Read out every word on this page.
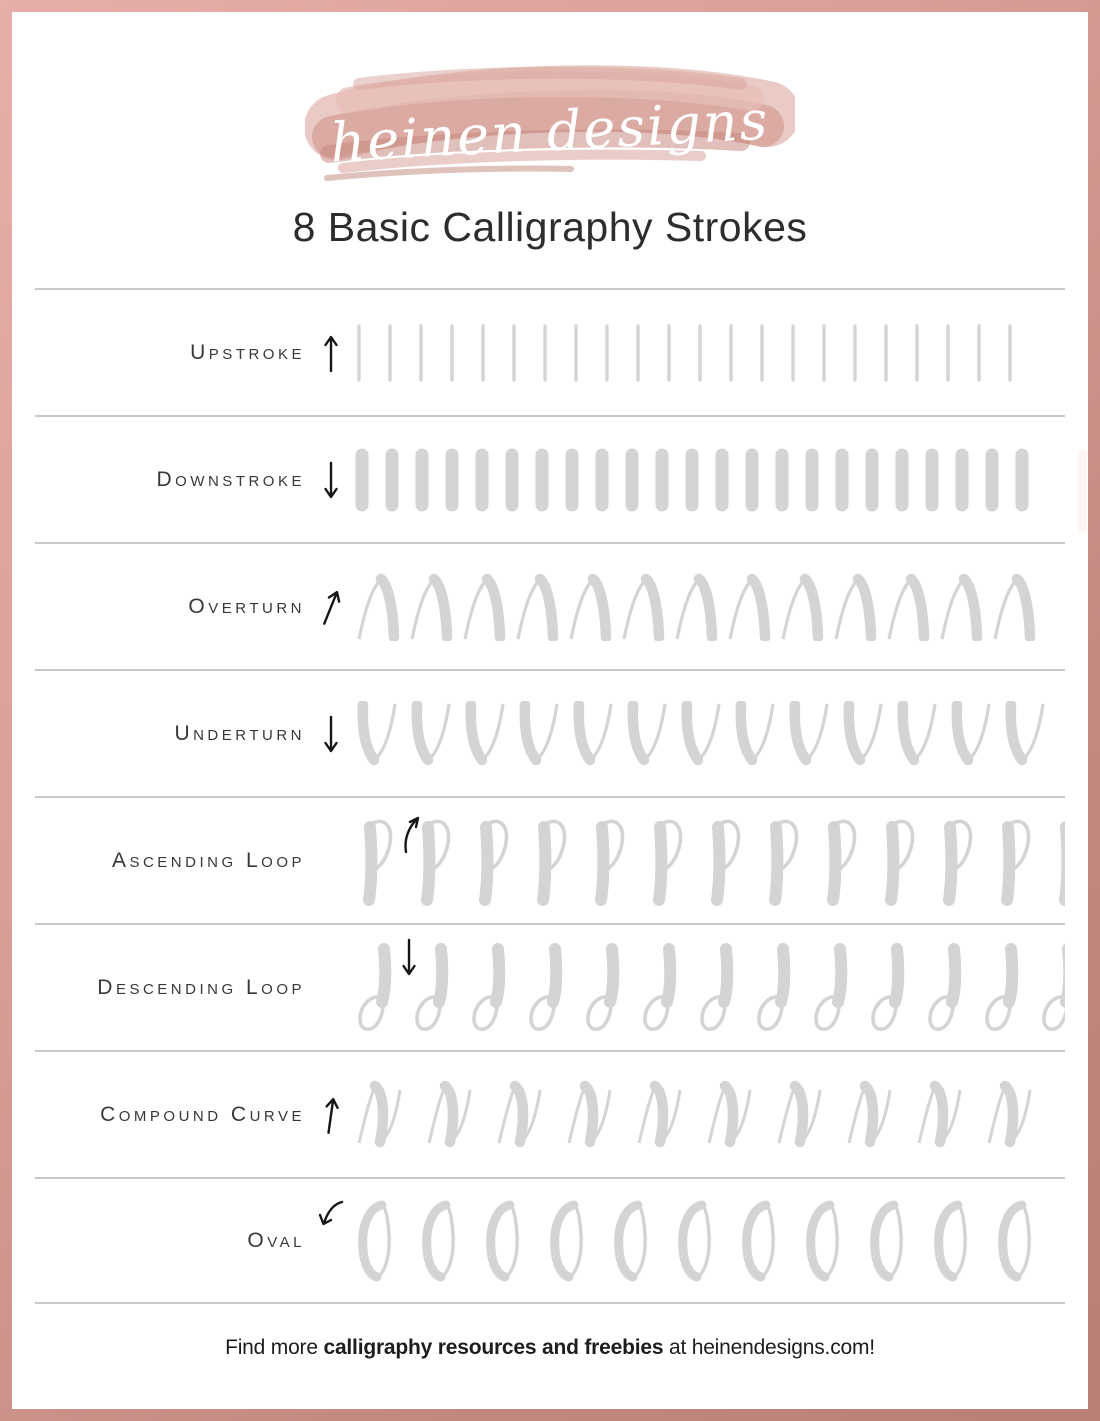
heinen designs
8 Basic Calligraphy Strokes
Upstroke
Downstroke
Overturn
Underturn
Ascending Loop
Descending Loop
Compound Curve
Oval
Find more calligraphy resources and freebies at heinendesigns.com!
